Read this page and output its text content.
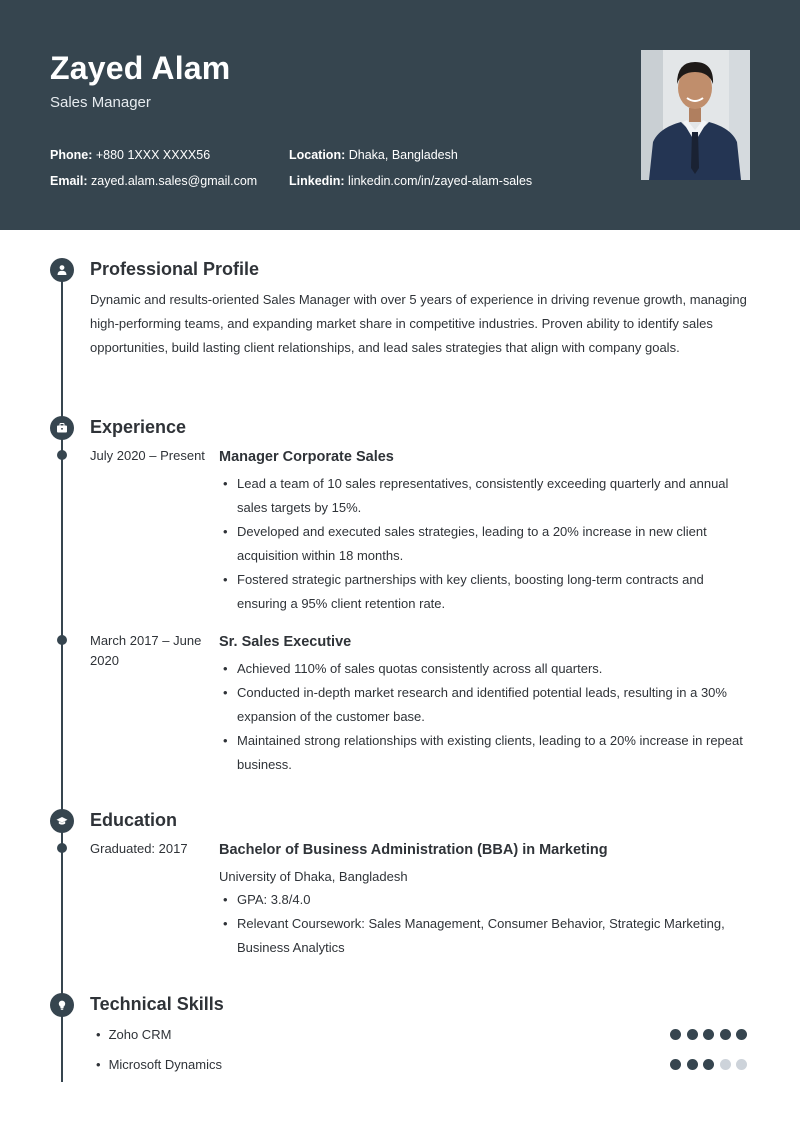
Zayed Alam
Sales Manager
Phone: +880 1XXX XXXX56
Email: zayed.alam.sales@gmail.com
Location: Dhaka, Bangladesh
Linkedin: linkedin.com/in/zayed-alam-sales
Professional Profile
Dynamic and results-oriented Sales Manager with over 5 years of experience in driving revenue growth, managing high-performing teams, and expanding market share in competitive industries. Proven ability to identify sales opportunities, build lasting client relationships, and lead sales strategies that align with company goals.
Experience
July 2020 – Present Manager Corporate Sales
• Lead a team of 10 sales representatives, consistently exceeding quarterly and annual sales targets by 15%.
• Developed and executed sales strategies, leading to a 20% increase in new client acquisition within 18 months.
• Fostered strategic partnerships with key clients, boosting long-term contracts and ensuring a 95% client retention rate.
March 2017 – June 2020
Sr. Sales Executive
• Achieved 110% of sales quotas consistently across all quarters.
• Conducted in-depth market research and identified potential leads, resulting in a 30% expansion of the customer base.
• Maintained strong relationships with existing clients, leading to a 20% increase in repeat business.
Education
Graduated: 2017	Bachelor of Business Administration (BBA) in Marketing
University of Dhaka, Bangladesh
• GPA: 3.8/4.0
• Relevant Coursework: Sales Management, Consumer Behavior, Strategic Marketing, Business Analytics
Technical Skills
• Zoho CRM
• Microsoft Dynamics
